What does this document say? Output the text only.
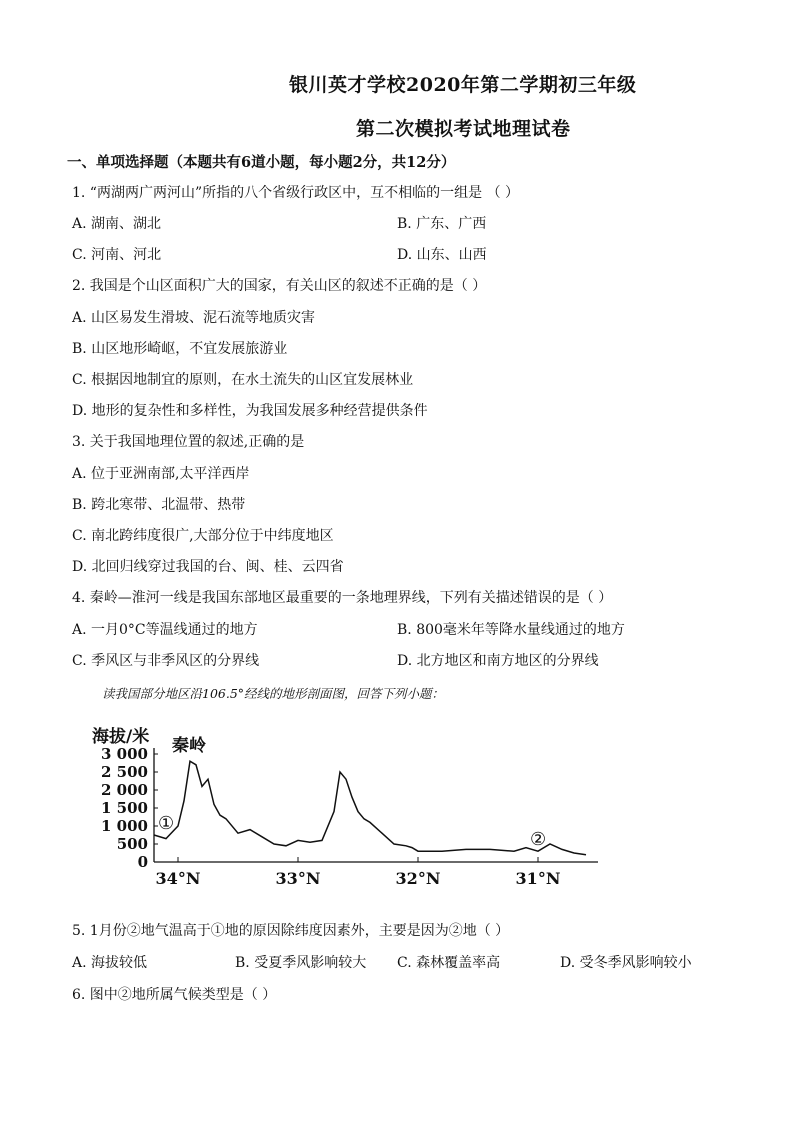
银川英才学校2020年第二学期初三年级
第二次模拟考试地理试卷
一、单项选择题（本题共有6道小题，每小题2分，共12分）
1. “两湖两广两河山”所指的八个省级行政区中，互不相临的一组是 （ ）
A. 湖南、湖北	B. 广东、广西
C. 河南、河北	D. 山东、山西
2. 我国是个山区面积广大的国家，有关山区的叙述不正确的是（ ）
A. 山区易发生滑坡、泥石流等地质灾害
B. 山区地形崎岖，不宜发展旅游业
C. 根据因地制宜的原则，在水土流失的山区宜发展林业
D. 地形的复杂性和多样性，为我国发展多种经营提供条件
3. 关于我国地理位置的叙述,正确的是
A. 位于亚洲南部,太平洋西岸
B. 跨北寒带、北温带、热带
C. 南北跨纬度很广,大部分位于中纬度地区
D. 北回归线穿过我国的台、闽、桂、云四省
4. 秦岭—淮河一线是我国东部地区最重要的一条地理界线，下列有关描述错误的是（ ）
A. 一月0°C等温线通过的地方	B. 800毫米年等降水量线通过的地方
C. 季风区与非季风区的分界线	D. 北方地区和南方地区的分界线
读我国部分地区沿106.5°经线的地形剖面图，回答下列小题：
海拔/米
3 000
2 500
2 000
1 500
1 000
500
0
34°N	33°N	32°N	31°N
秦岭
①
②
5. 1月份②地气温高于①地的原因除纬度因素外，主要是因为②地（ ）
A. 海拔较低	B. 受夏季风影响较大 C. 森林覆盖率高	D. 受冬季风影响较小
6. 图中②地所属气候类型是（ ）
